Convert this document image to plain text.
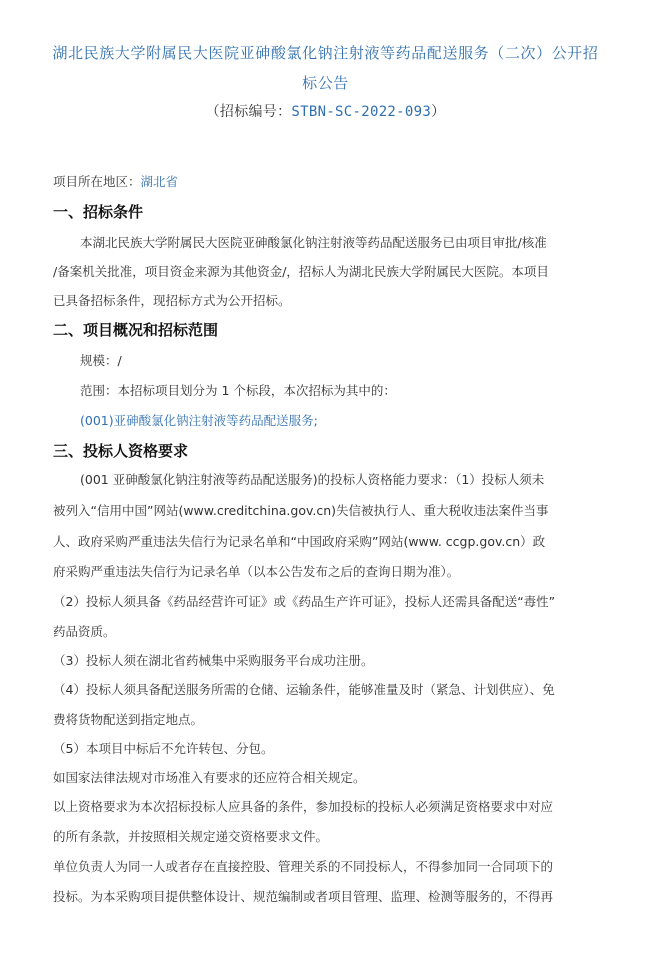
湖北民族大学附属民大医院亚砷酸氯化钠注射液等药品配送服务（二次）公开招
标公告
（招标编号：STBN-SC-2022-093）
项目所在地区：湖北省
一、招标条件
本湖北民族大学附属民大医院亚砷酸氯化钠注射液等药品配送服务已由项目审批/核准
/备案机关批准，项目资金来源为其他资金/，招标人为湖北民族大学附属民大医院。本项目
已具备招标条件，现招标方式为公开招标。
二、项目概况和招标范围
规模：/
范围：本招标项目划分为 1 个标段，本次招标为其中的：
(001)亚砷酸氯化钠注射液等药品配送服务;
三、投标人资格要求
(001 亚砷酸氯化钠注射液等药品配送服务)的投标人资格能力要求：（1）投标人须未
被列入“信用中国”网站(www.creditchina.gov.cn)失信被执行人、重大税收违法案件当事
人、政府采购严重违法失信行为记录名单和“中国政府采购”网站(www. ccgp.gov.cn）政
府采购严重违法失信行为记录名单（以本公告发布之后的查询日期为准）。
（2）投标人须具备《药品经营许可证》或《药品生产许可证》，投标人还需具备配送“毒性”
药品资质。
（3）投标人须在湖北省药械集中采购服务平台成功注册。
（4）投标人须具备配送服务所需的仓储、运输条件，能够准量及时（紧急、计划供应）、免
费将货物配送到指定地点。
（5）本项目中标后不允许转包、分包。
如国家法律法规对市场准入有要求的还应符合相关规定。
以上资格要求为本次招标投标人应具备的条件，参加投标的投标人必须满足资格要求中对应
的所有条款，并按照相关规定递交资格要求文件。
单位负责人为同一人或者存在直接控股、管理关系的不同投标人，不得参加同一合同项下的
投标。为本采购项目提供整体设计、规范编制或者项目管理、监理、检测等服务的，不得再
